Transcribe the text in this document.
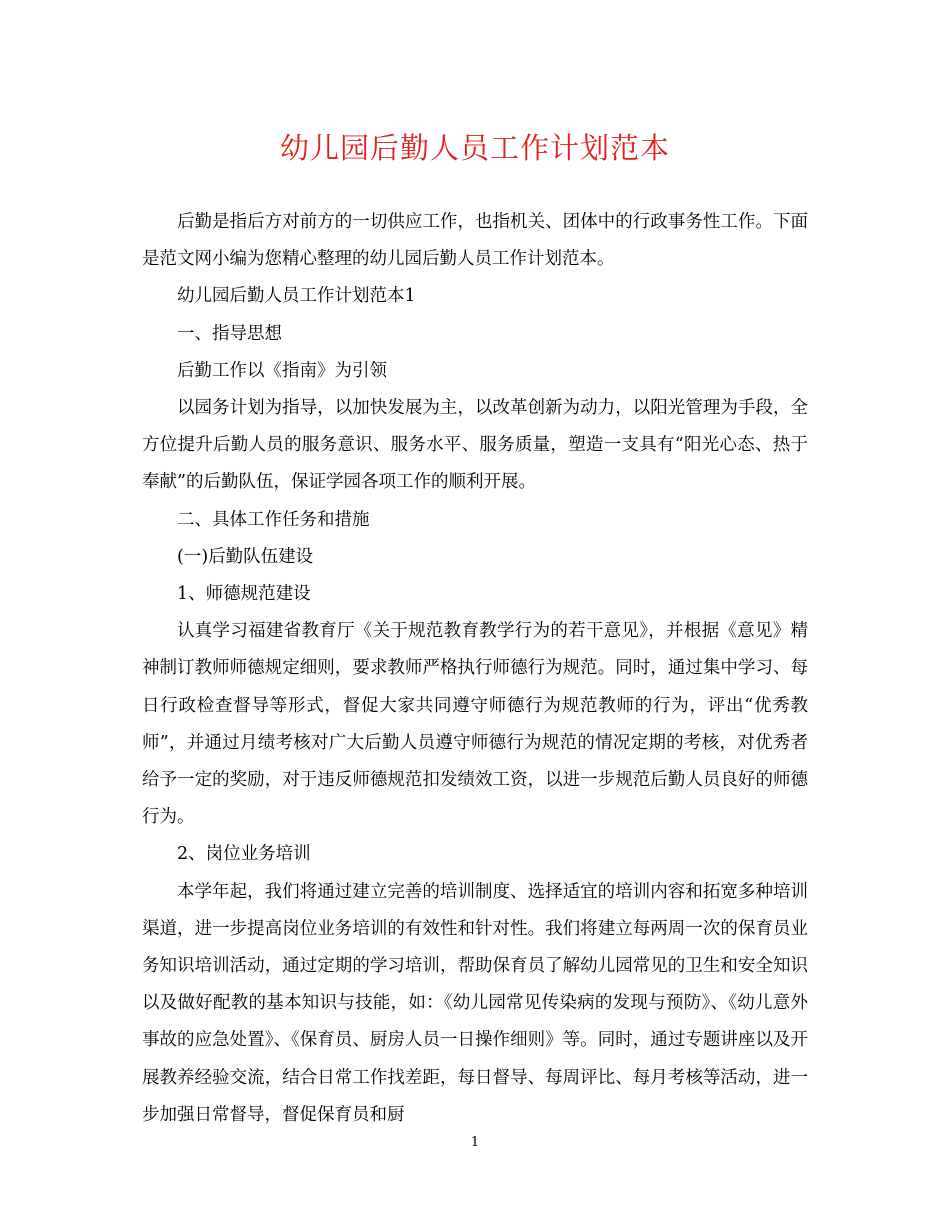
幼儿园后勤人员工作计划范本

后勤是指后方对前方的一切供应工作，也指机关、团体中的行政事务性工作。下面是范文网小编为您精心整理的幼儿园后勤人员工作计划范本。

幼儿园后勤人员工作计划范本1

一、指导思想

后勤工作以《指南》为引领

以园务计划为指导，以加快发展为主，以改革创新为动力，以阳光管理为手段，全方位提升后勤人员的服务意识、服务水平、服务质量，塑造一支具有“阳光心态、热于奉献”的后勤队伍，保证学园各项工作的顺利开展。

二、具体工作任务和措施

(一)后勤队伍建设

1、师德规范建设

认真学习福建省教育厅《关于规范教育教学行为的若干意见》，并根据《意见》精神制订教师师德规定细则，要求教师严格执行师德行为规范。同时，通过集中学习、每日行政检查督导等形式，督促大家共同遵守师德行为规范教师的行为，评出“优秀教师”，并通过月绩考核对广大后勤人员遵守师德行为规范的情况定期的考核，对优秀者给予一定的奖励，对于违反师德规范扣发绩效工资，以进一步规范后勤人员良好的师德行为。

2、岗位业务培训

本学年起，我们将通过建立完善的培训制度、选择适宜的培训内容和拓宽多种培训渠道，进一步提高岗位业务培训的有效性和针对性。我们将建立每两周一次的保育员业务知识培训活动，通过定期的学习培训，帮助保育员了解幼儿园常见的卫生和安全知识以及做好配教的基本知识与技能，如：《幼儿园常见传染病的发现与预防》、《幼儿意外事故的应急处置》、《保育员、厨房人员一日操作细则》等。同时，通过专题讲座以及开展教养经验交流，结合日常工作找差距，每日督导、每周评比、每月考核等活动，进一步加强日常督导，督促保育员和厨

1
